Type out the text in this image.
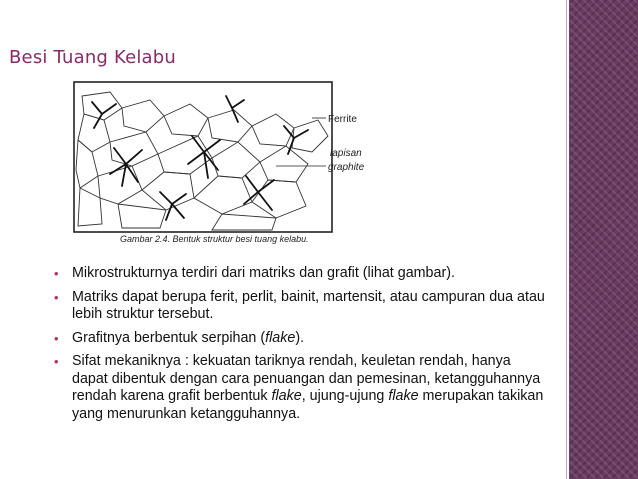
Besi Tuang Kelabu
Ferrite
lapisan
graphite
Gambar 2.4. Bentuk struktur besi tuang kelabu.
• Mikrostrukturnya terdiri dari matriks dan grafit (lihat gambar).
• Matriks dapat berupa ferit, perlit, bainit, martensit, atau campuran dua atau lebih struktur tersebut.
• Grafitnya berbentuk serpihan (flake).
• Sifat mekaniknya : kekuatan tariknya rendah, keuletan rendah, hanya dapat dibentuk dengan cara penuangan dan pemesinan, ketangguhannya rendah karena grafit berbentuk flake, ujung-ujung flake merupakan takikan yang menurunkan ketangguhannya.
